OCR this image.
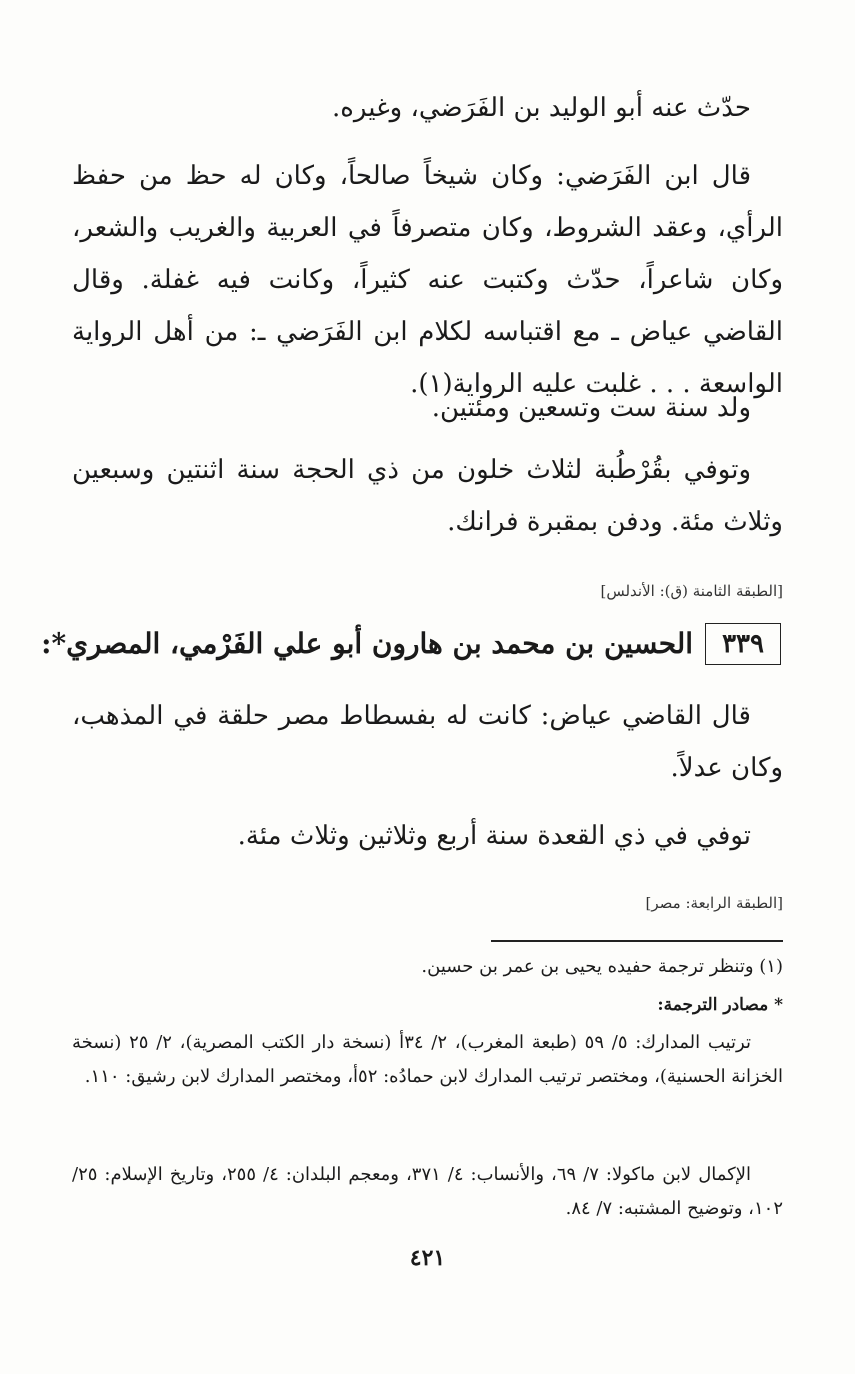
حدّث عنه أبو الوليد بن الفَرَضي، وغيره.
قال ابن الفَرَضي: وكان شيخاً صالحاً، وكان له حظ من حفظ الرأي، وعقد الشروط، وكان متصرفاً في العربية والغريب والشعر، وكان شاعراً، حدّث وكتبت عنه كثيراً، وكانت فيه غفلة. وقال القاضي عياض ـ مع اقتباسه لكلام ابن الفَرَضي ـ: من أهل الرواية الواسعة . . . غلبت عليه الرواية(١).
ولد سنة ست وتسعين ومئتين.
وتوفي بقُرْطُبة لثلاث خلون من ذي الحجة سنة اثنتين وسبعين وثلاث مئة. ودفن بمقبرة فرانك.
[الطبقة الثامنة (ق): الأندلس]
٣٣٩
الحسين بن محمد بن هارون أبو علي الفَرْمي، المصري*:
قال القاضي عياض: كانت له بفسطاط مصر حلقة في المذهب، وكان عدلاً.
توفي في ذي القعدة سنة أربع وثلاثين وثلاث مئة.
[الطبقة الرابعة: مصر]
(١) وتنظر ترجمة حفيده يحيى بن عمر بن حسين.
* مصادر الترجمة:
ترتيب المدارك: ٥/ ٥٩ (طبعة المغرب)، ٢/ ٣٤أ (نسخة دار الكتب المصرية)، ٢/ ٢٥ (نسخة الخزانة الحسنية)، ومختصر ترتيب المدارك لابن حمادُه: ٥٢أ، ومختصر المدارك لابن رشيق: ١١٠.
الإكمال لابن ماكولا: ٧/ ٦٩، والأنساب: ٤/ ٣٧١، ومعجم البلدان: ٤/ ٢٥٥، وتاريخ الإسلام: ٢٥/ ١٠٢، وتوضيح المشتبه: ٧/ ٨٤.
٤٢١
